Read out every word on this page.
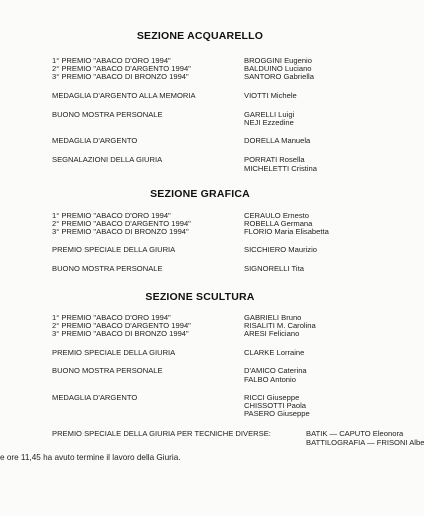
SEZIONE ACQUARELLO
1° PREMIO "ABACO D'ORO 1994"	BROGGINI Eugenio
2° PREMIO "ABACO D'ARGENTO 1994"	BALDUINO Luciano
3° PREMIO "ABACO DI BRONZO 1994"	SANTORO Gabriella
MEDAGLIA D'ARGENTO ALLA MEMORIA	VIOTTI Michele
BUONO MOSTRA PERSONALE	GARELLI Luigi
NEJI Ezzedine
MEDAGLIA D'ARGENTO	DORELLA Manuela
SEGNALAZIONI DELLA GIURIA	PORRATI Rosella
MICHELETTI Cristina
SEZIONE GRAFICA
1° PREMIO "ABACO D'ORO 1994"	CERAULO Ernesto
2° PREMIO "ABACO D'ARGENTO 1994"	ROBELLA Germana
3° PREMIO "ABACO DI BRONZO 1994"	FLORIO Maria Elisabetta
PREMIO SPECIALE DELLA GIURIA	SICCHIERO Maurizio
BUONO MOSTRA PERSONALE	SIGNORELLI Tita
SEZIONE SCULTURA
1° PREMIO "ABACO D'ORO 1994"	GABRIELI Bruno
2° PREMIO "ABACO D'ARGENTO 1994"	RISALITI M. Carolina
3° PREMIO "ABACO DI BRONZO 1994"	ARESI Feliciano
PREMIO SPECIALE DELLA GIURIA	CLARKE Lorraine
BUONO MOSTRA PERSONALE	D'AMICO Caterina
FALBO Antonio
MEDAGLIA D'ARGENTO	RICCI Giuseppe
CHISSOTTI Paola
PASERO Giuseppe
PREMIO SPECIALE DELLA GIURIA PER TECNICHE DIVERSE:	BATIK — CAPUTO Eleonora
BATTILOGRAFIA — FRISONI Albe
e ore 11,45 ha avuto termine il lavoro della Giuria.
